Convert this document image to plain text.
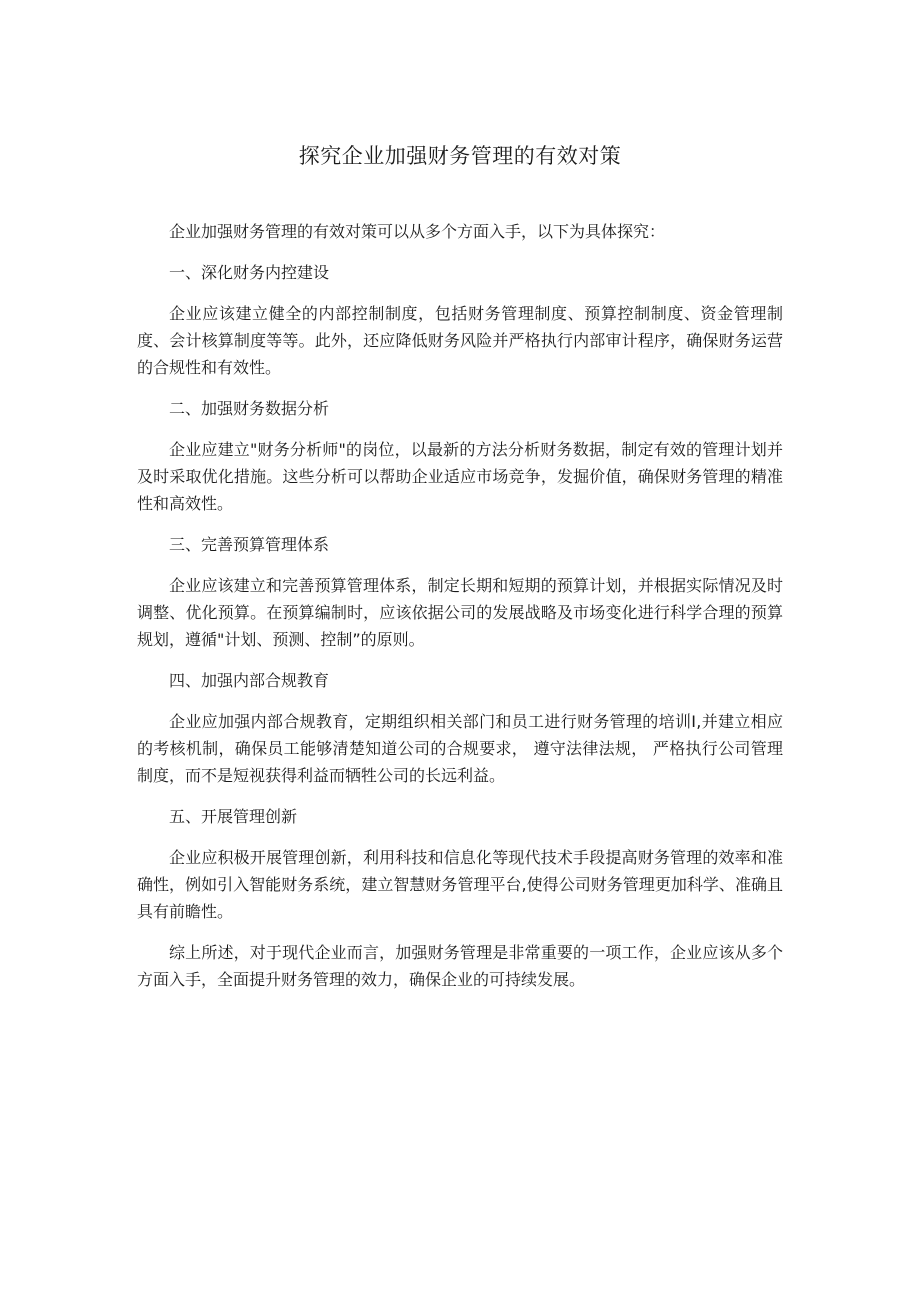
探究企业加强财务管理的有效对策

企业加强财务管理的有效对策可以从多个方面入手，以下为具体探究：

一、深化财务内控建设

企业应该建立健全的内部控制制度，包括财务管理制度、预算控制制度、资金管理制度、会计核算制度等等。此外，还应降低财务风险并严格执行内部审计程序，确保财务运营的合规性和有效性。

二、加强财务数据分析

企业应建立"财务分析师"的岗位，以最新的方法分析财务数据，制定有效的管理计划并及时采取优化措施。这些分析可以帮助企业适应市场竞争，发掘价值，确保财务管理的精准性和高效性。

三、完善预算管理体系

企业应该建立和完善预算管理体系，制定长期和短期的预算计划，并根据实际情况及时调整、优化预算。在预算编制时，应该依据公司的发展战略及市场变化进行科学合理的预算规划，遵循"计划、预测、控制”的原则。

四、加强内部合规教育

企业应加强内部合规教育，定期组织相关部门和员工进行财务管理的培训Ⅰ,并建立相应的考核机制，确保员工能够清楚知道公司的合规要求， 遵守法律法规， 严格执行公司管理制度，而不是短视获得利益而牺牲公司的长远利益。

五、开展管理创新

企业应积极开展管理创新，利用科技和信息化等现代技术手段提高财务管理的效率和准确性，例如引入智能财务系统，建立智慧财务管理平台,使得公司财务管理更加科学、准确且具有前瞻性。

综上所述，对于现代企业而言，加强财务管理是非常重要的一项工作，企业应该从多个方面入手，全面提升财务管理的效力，确保企业的可持续发展。
